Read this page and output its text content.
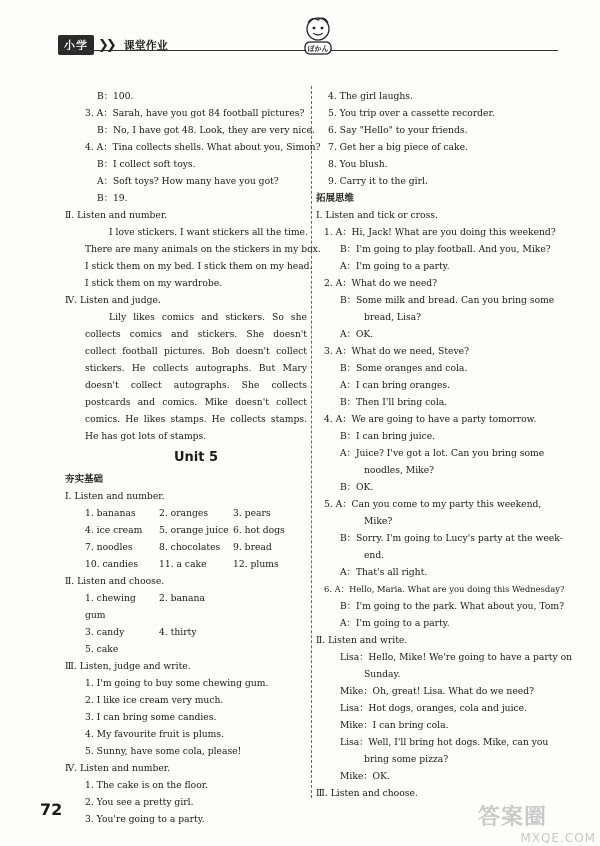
小学 ❯❯ 课堂作业	ぽかん

B：100.

3. A：Sarah, have you got 84 football pictures?

B：No, I have got 48. Look, they are very nice.

4. A：Tina collects shells. What about you, Simon?

B：I collect soft toys.

A：Soft toys? How many have you got?

B：19.

Ⅱ. Listen and number.

I love stickers. I want stickers all the time.

There are many animals on the stickers in my box.

I stick them on my bed. I stick them on my head.

I stick them on my wardrobe.

Ⅳ. Listen and judge.

Lily likes comics and stickers. So she collects comics and stickers. She doesn't collect football pictures. Bob doesn't collect stickers. He collects autographs. But Mary doesn't collect autographs. She collects postcards and comics. Mike doesn't collect comics. He likes stamps. He collects stamps. He has got lots of stamps.

Unit 5

夯实基础

Ⅰ. Listen and number.

1. bananas	2. oranges	3. pears
4. ice cream	5. orange juice 6. hot dogs
7. noodles	8. chocolates	9. bread
10. candies	11. a cake	12. plums

Ⅱ. Listen and choose.

1. chewing gum
2. banana
3. candy	4. thirty
5. cake

Ⅲ. Listen, judge and write.

1. I'm going to buy some chewing gum.

2. I like ice cream very much.

3. I can bring some candies.

4. My favourite fruit is plums.

5. Sunny, have some cola, please!

Ⅳ. Listen and number.

1. The cake is on the floor.

2. You see a pretty girl.

3. You're going to a party.

4. The girl laughs.

5. You trip over a cassette recorder.

6. Say "Hello" to your friends.

7. Get her a big piece of cake.

8. You blush.

9. Carry it to the girl.

拓展思维

Ⅰ. Listen and tick or cross.

1. A：Hi, Jack! What are you doing this weekend?

B：I'm going to play football. And you, Mike?

A：I'm going to a party.

2. A：What do we need?

B：Some milk and bread. Can you bring some

bread, Lisa?

A：OK.

3. A：What do we need, Steve?

B：Some oranges and cola.

A：I can bring oranges.

B：Then I'll bring cola.

4. A：We are going to have a party tomorrow.

B：I can bring juice.

A：Juice? I've got a lot. Can you bring some

noodles, Mike?

B：OK.

5. A：Can you come to my party this weekend,

Mike?

B：Sorry. I'm going to Lucy's party at the week-

end.

A：That's all right.

6. A：Hello, Maria. What are you doing this Wednesday?

B：I'm going to the park. What about you, Tom?

A：I'm going to a party.

Ⅱ. Listen and write.

Lisa：Hello, Mike! We're going to have a party on

Sunday.

Mike：Oh, great! Lisa. What do we need?

Lisa：Hot dogs, oranges, cola and juice.

Mike：I can bring cola.

Lisa：Well, I'll bring hot dogs. Mike, can you

bring some pizza?

Mike：OK.

Ⅲ. Listen and choose.

72	答案圈
MXQE.COM
